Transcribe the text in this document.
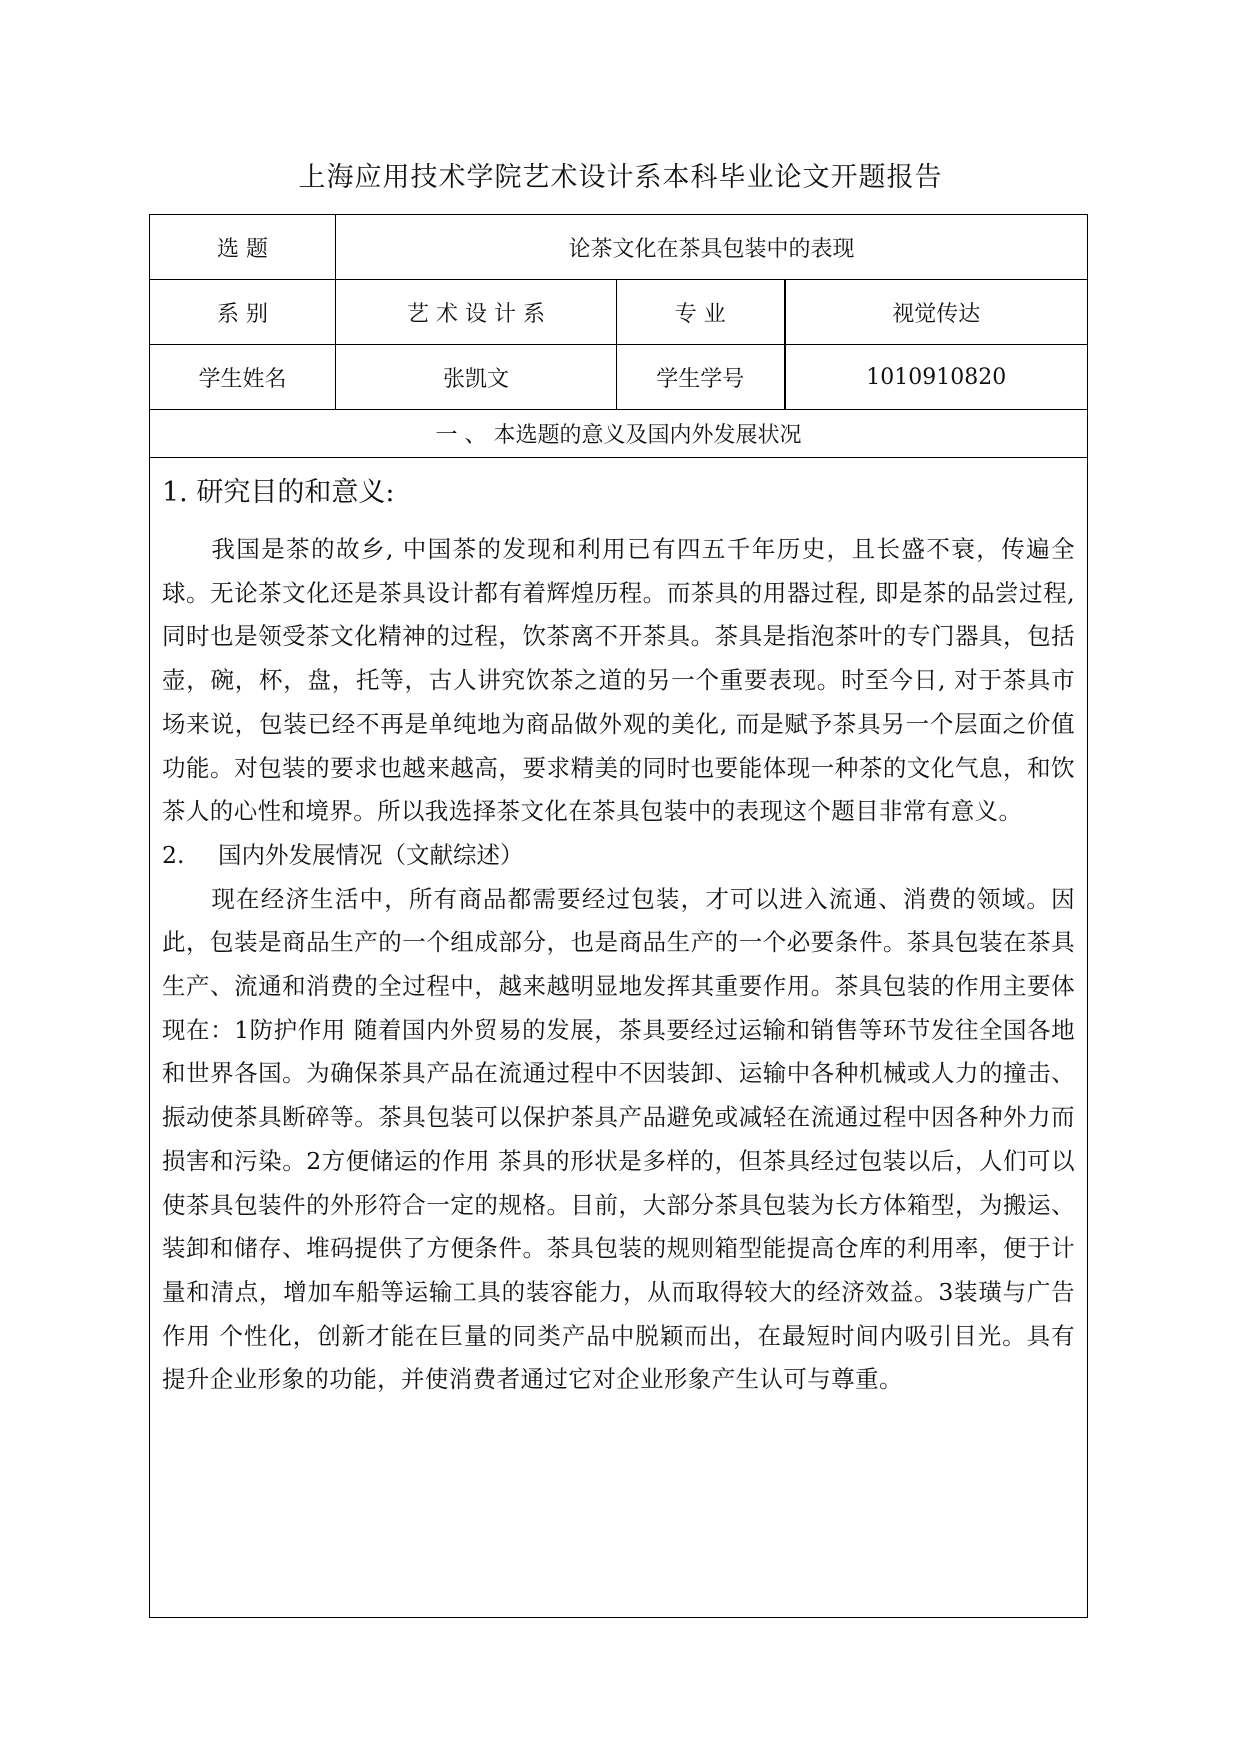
上海应用技术学院艺术设计系本科毕业论文开题报告
选 题	论茶文化在茶具包装中的表现		
系 别	艺 术 设 计 系	专 业	视觉传达
学生姓名	张凯文	学生学号	1010910820
一 、 本选题的意义及国内外发展状况			

1. 研究目的和意义:

我国是茶的故乡, 中国茶的发现和利用已有四五千年历史，且长盛不衰，传遍全球。无论茶文化还是茶具设计都有着辉煌历程。而茶具的用器过程, 即是茶的品尝过程, 同时也是领受茶文化精神的过程，饮茶离不开茶具。茶具是指泡茶叶的专门器具，包括壶，碗，杯，盘，托等，古人讲究饮茶之道的另一个重要表现。时至今日, 对于茶具市场来说，包装已经不再是单纯地为商品做外观的美化, 而是赋予茶具另一个层面之价值功能。对包装的要求也越来越高，要求精美的同时也要能体现一种茶的文化气息，和饮茶人的心性和境界。所以我选择茶文化在茶具包装中的表现这个题目非常有意义。

2. 国内外发展情况（文献综述）

现在经济生活中，所有商品都需要经过包装，才可以进入流通、消费的领域。因此，包装是商品生产的一个组成部分，也是商品生产的一个必要条件。茶具包装在茶具生产、流通和消费的全过程中，越来越明显地发挥其重要作用。茶具包装的作用主要体现在：1防护作用 随着国内外贸易的发展，茶具要经过运输和销售等环节发往全国各地和世界各国。为确保茶具产品在流通过程中不因装卸、运输中各种机械或人力的撞击、振动使茶具断碎等。茶具包装可以保护茶具产品避免或减轻在流通过程中因各种外力而损害和污染。2方便储运的作用 茶具的形状是多样的，但茶具经过包装以后，人们可以使茶具包装件的外形符合一定的规格。目前，大部分茶具包装为长方体箱型，为搬运、装卸和储存、堆码提供了方便条件。茶具包装的规则箱型能提高仓库的利用率，便于计量和清点，增加车船等运输工具的装容能力，从而取得较大的经济效益。3装璜与广告作用 个性化，创新才能在巨量的同类产品中脱颖而出，在最短时间内吸引目光。具有提升企业形象的功能，并使消费者通过它对企业形象产生认可与尊重。			
